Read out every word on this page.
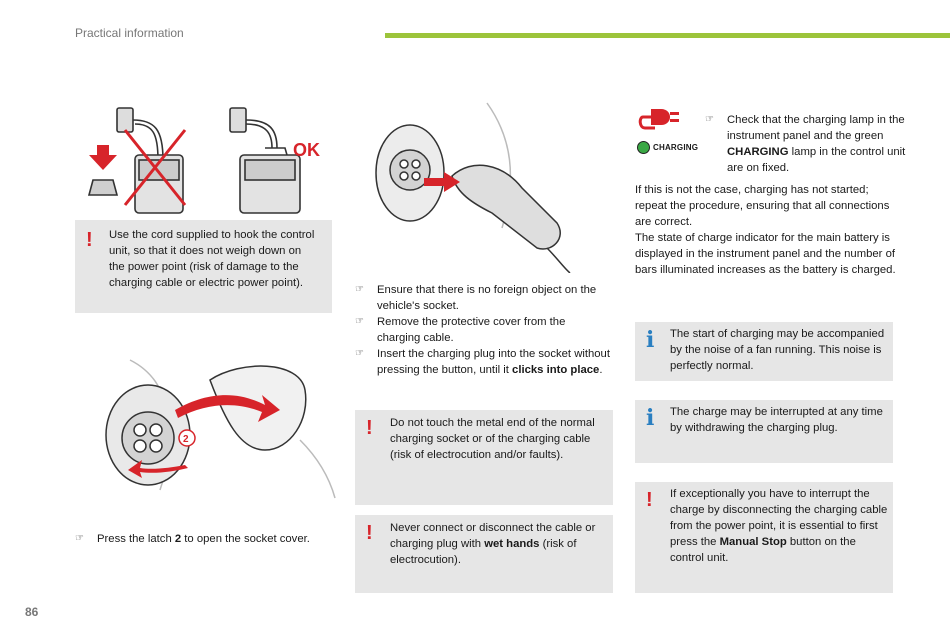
Practical information
OK
! Use the cord supplied to hook the control unit, so that it does not weigh down on the power point (risk of damage to the charging cable or electric power point).
2
☞ Press the latch 2 to open the socket cover.
☞ Ensure that there is no foreign object on the vehicle's socket.
☞ Remove the protective cover from the charging cable.
☞ Insert the charging plug into the socket without pressing the button, until it clicks into place.
! Do not touch the metal end of the normal charging socket or of the charging cable (risk of electrocution and/or faults).
! Never connect or disconnect the cable or charging plug with wet hands (risk of electrocution).
CHARGING
☞ Check that the charging lamp in the instrument panel and the green CHARGING lamp in the control unit are on fixed.
If this is not the case, charging has not started; repeat the procedure, ensuring that all connections are correct.
The state of charge indicator for the main battery is displayed in the instrument panel and the number of bars illuminated increases as the battery is charged.
i The start of charging may be accompanied by the noise of a fan running. This noise is perfectly normal.
i The charge may be interrupted at any time by withdrawing the charging plug.
! If exceptionally you have to interrupt the charge by disconnecting the charging cable from the power point, it is essential to first press the Manual Stop button on the control unit.
86
